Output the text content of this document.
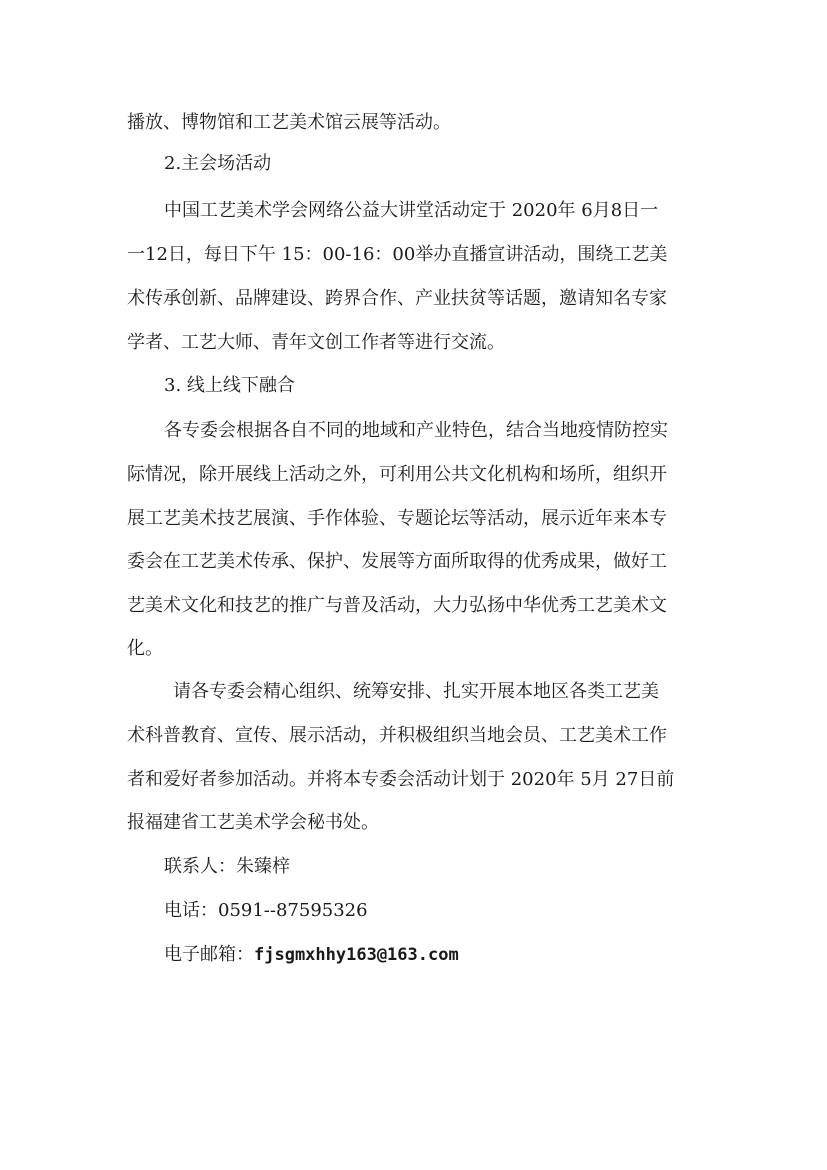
播放、博物馆和工艺美术馆云展等活动。
2.主会场活动
中国工艺美术学会网络公益大讲堂活动定于 2020年 6月8日一
一12日，每日下午 15：00-16：00举办直播宣讲活动，围绕工艺美
术传承创新、品牌建设、跨界合作、产业扶贫等话题，邀请知名专家
学者、工艺大师、青年文创工作者等进行交流。
3. 线上线下融合
各专委会根据各自不同的地域和产业特色，结合当地疫情防控实
际情况，除开展线上活动之外，可利用公共文化机构和场所，组织开
展工艺美术技艺展演、手作体验、专题论坛等活动，展示近年来本专
委会在工艺美术传承、保护、发展等方面所取得的优秀成果，做好工
艺美术文化和技艺的推广与普及活动，大力弘扬中华优秀工艺美术文
化。
请各专委会精心组织、统筹安排、扎实开展本地区各类工艺美
术科普教育、宣传、展示活动，并积极组织当地会员、工艺美术工作
者和爱好者参加活动。并将本专委会活动计划于 2020年 5月 27日前
报福建省工艺美术学会秘书处。
联系人：朱臻梓
电话：0591--87595326
电子邮箱：fjsgmxhhy163@163.com
